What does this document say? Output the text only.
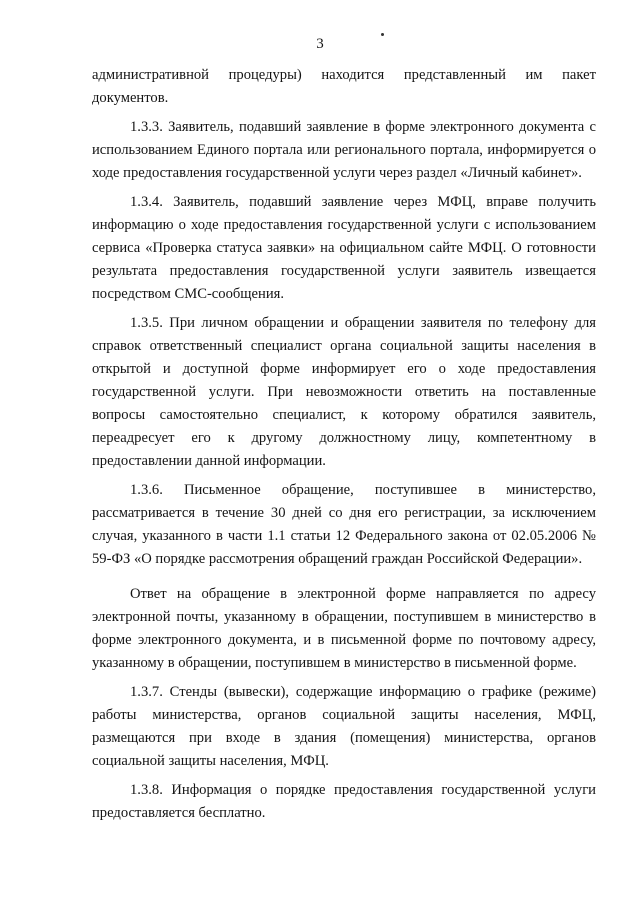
3

административной процедуры) находится представленный им пакет документов.

1.3.3. Заявитель, подавший заявление в форме электронного документа с использованием Единого портала или регионального портала, информируется о ходе предоставления государственной услуги через раздел «Личный кабинет».

1.3.4. Заявитель, подавший заявление через МФЦ, вправе получить информацию о ходе предоставления государственной услуги с использованием сервиса «Проверка статуса заявки» на официальном сайте МФЦ. О готовности результата предоставления государственной услуги заявитель извещается посредством СМС-сообщения.

1.3.5. При личном обращении и обращении заявителя по телефону для справок ответственный специалист органа социальной защиты населения в открытой и доступной форме информирует его о ходе предоставления государственной услуги. При невозможности ответить на поставленные вопросы самостоятельно специалист, к которому обратился заявитель, переадресует его к другому должностному лицу, компетентному в предоставлении данной информации.

1.3.6. Письменное обращение, поступившее в министерство, рассматривается в течение 30 дней со дня его регистрации, за исключением случая, указанного в части 1.1 статьи 12 Федерального закона от 02.05.2006 № 59-ФЗ «О порядке рассмотрения обращений граждан Российской Федерации».

Ответ на обращение в электронной форме направляется по адресу электронной почты, указанному в обращении, поступившем в министерство в форме электронного документа, и в письменной форме по почтовому адресу, указанному в обращении, поступившем в министерство в письменной форме.

1.3.7. Стенды (вывески), содержащие информацию о графике (режиме) работы министерства, органов социальной защиты населения, МФЦ, размещаются при входе в здания (помещения) министерства, органов социальной защиты населения, МФЦ.

1.3.8. Информация о порядке предоставления государственной услуги предоставляется бесплатно.
